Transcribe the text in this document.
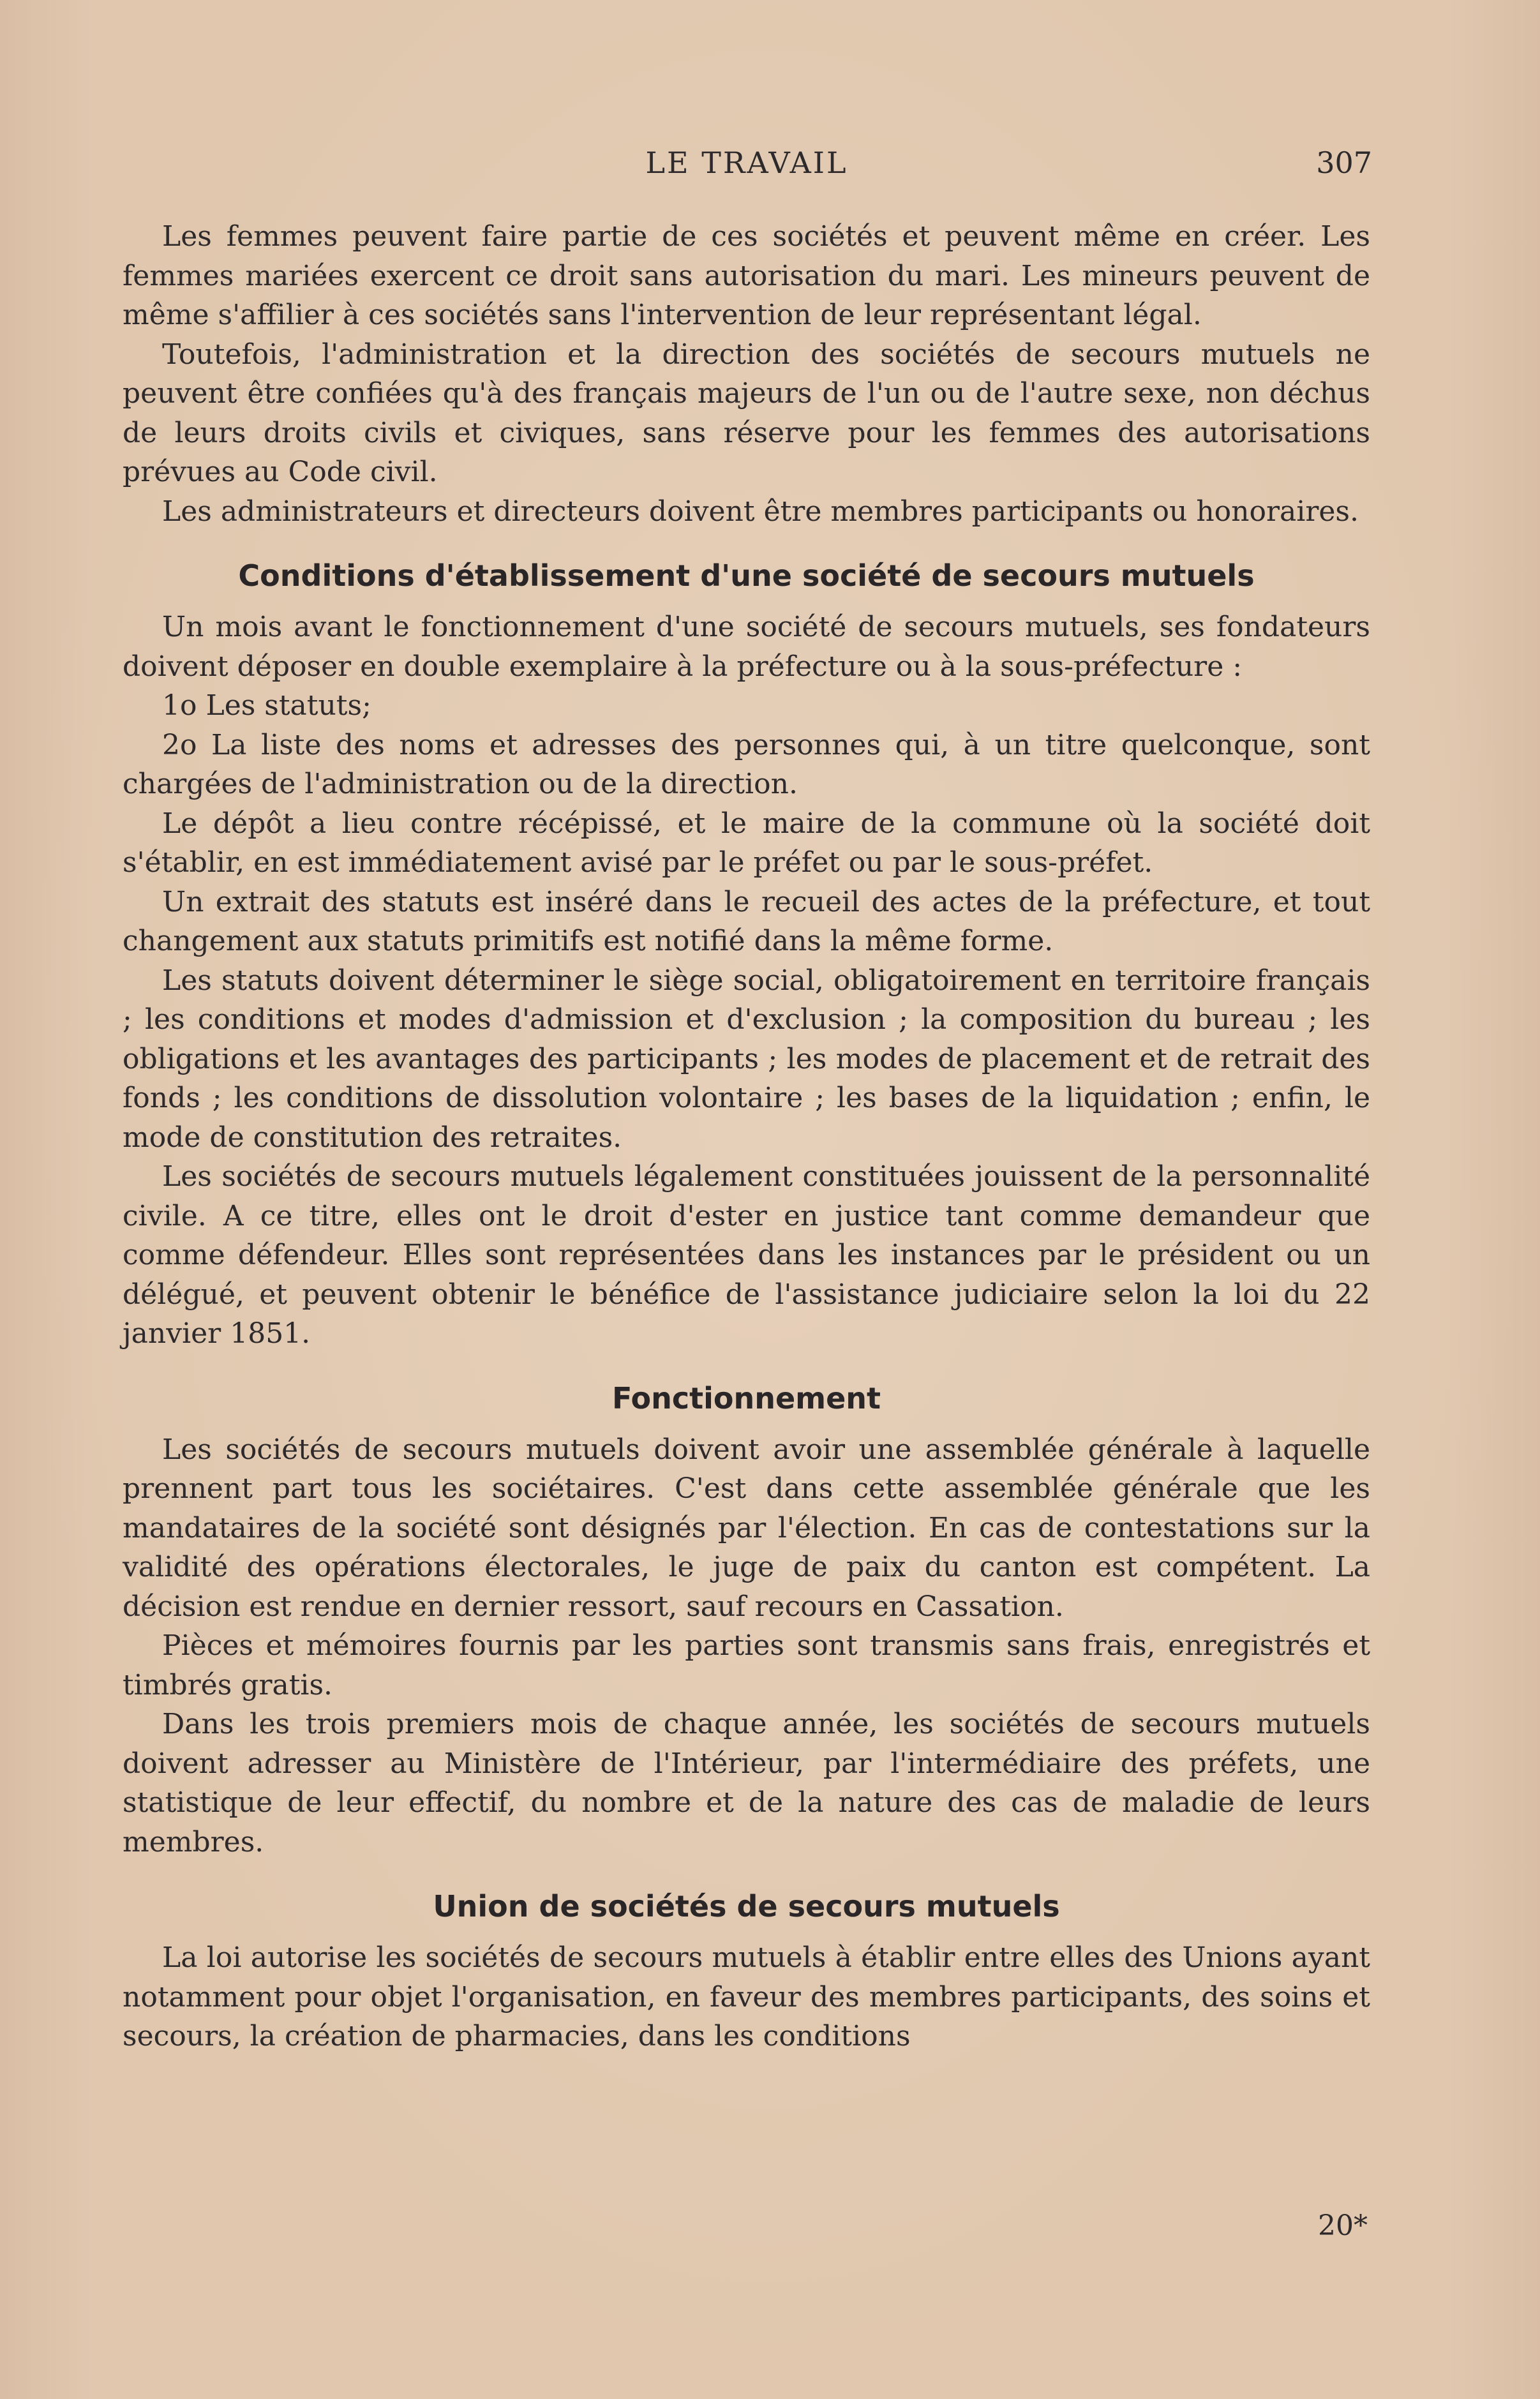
LE TRAVAIL	307

Les femmes peuvent faire partie de ces sociétés et peuvent même en créer. Les femmes mariées exercent ce droit sans autorisation du mari. Les mineurs peuvent de même s'affilier à ces sociétés sans l'intervention de leur représentant légal.

Toutefois, l'administration et la direction des sociétés de secours mutuels ne peuvent être confiées qu'à des français majeurs de l'un ou de l'autre sexe, non déchus de leurs droits civils et civiques, sans réserve pour les femmes des autorisations prévues au Code civil.

Les administrateurs et directeurs doivent être membres participants ou honoraires.

Conditions d'établissement d'une société de secours mutuels

Un mois avant le fonctionnement d'une société de secours mutuels, ses fondateurs doivent déposer en double exemplaire à la préfecture ou à la sous-préfecture :

1o Les statuts;

2o La liste des noms et adresses des personnes qui, à un titre quelconque, sont chargées de l'administration ou de la direction.

Le dépôt a lieu contre récépissé, et le maire de la commune où la société doit s'établir, en est immédiatement avisé par le préfet ou par le sous-préfet.

Un extrait des statuts est inséré dans le recueil des actes de la préfecture, et tout changement aux statuts primitifs est notifié dans la même forme.

Les statuts doivent déterminer le siège social, obligatoirement en territoire français ; les conditions et modes d'admission et d'exclusion ; la composition du bureau ; les obligations et les avantages des participants ; les modes de placement et de retrait des fonds ; les conditions de dissolution volontaire ; les bases de la liquidation ; enfin, le mode de constitution des retraites.

Les sociétés de secours mutuels légalement constituées jouissent de la personnalité civile. A ce titre, elles ont le droit d'ester en justice tant comme demandeur que comme défendeur. Elles sont représentées dans les instances par le président ou un délégué, et peuvent obtenir le bénéfice de l'assistance judiciaire selon la loi du 22 janvier 1851.

Fonctionnement

Les sociétés de secours mutuels doivent avoir une assemblée générale à laquelle prennent part tous les sociétaires. C'est dans cette assemblée générale que les mandataires de la société sont désignés par l'élection. En cas de contestations sur la validité des opérations électorales, le juge de paix du canton est compétent. La décision est rendue en dernier ressort, sauf recours en Cassation.

Pièces et mémoires fournis par les parties sont transmis sans frais, enregistrés et timbrés gratis.

Dans les trois premiers mois de chaque année, les sociétés de secours mutuels doivent adresser au Ministère de l'Intérieur, par l'intermédiaire des préfets, une statistique de leur effectif, du nombre et de la nature des cas de maladie de leurs membres.

Union de sociétés de secours mutuels

La loi autorise les sociétés de secours mutuels à établir entre elles des Unions ayant notamment pour objet l'organisation, en faveur des membres participants, des soins et secours, la création de pharmacies, dans les conditions

20*
